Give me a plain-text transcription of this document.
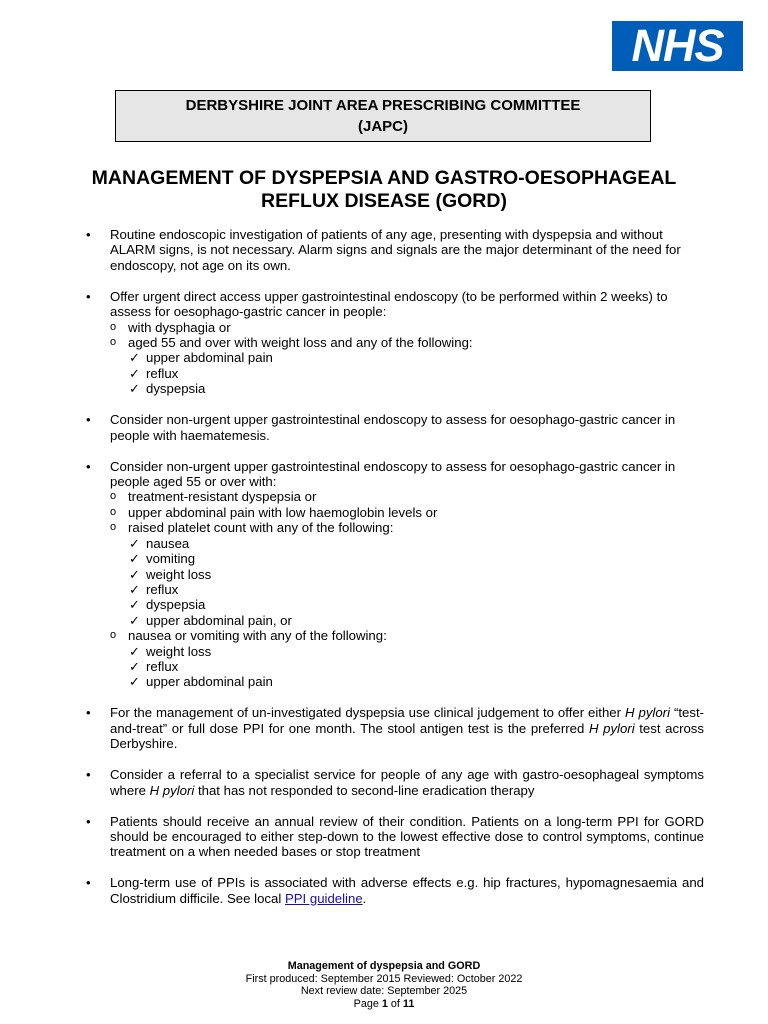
NHS
DERBYSHIRE JOINT AREA PRESCRIBING COMMITTEE
(JAPC)
MANAGEMENT OF DYSPEPSIA AND GASTRO-OESOPHAGEAL
REFLUX DISEASE (GORD)

• Routine endoscopic investigation of patients of any age, presenting with dyspepsia and without ALARM signs, is not necessary. Alarm signs and signals are the major determinant of the need for endoscopy, not age on its own.

• Offer urgent direct access upper gastrointestinal endoscopy (to be performed within 2 weeks) to assess for oesophago-gastric cancer in people:

o with dysphagia or
o aged 55 and over with weight loss and any of the following:
✓ upper abdominal pain
✓ reflux
✓ dyspepsia

• Consider non-urgent upper gastrointestinal endoscopy to assess for oesophago-gastric cancer in people with haematemesis.

• Consider non-urgent upper gastrointestinal endoscopy to assess for oesophago-gastric cancer in people aged 55 or over with:

o treatment-resistant dyspepsia or
o upper abdominal pain with low haemoglobin levels or
o raised platelet count with any of the following:
✓ nausea
✓ vomiting
✓ weight loss
✓ reflux
✓ dyspepsia
✓ upper abdominal pain, or
o nausea or vomiting with any of the following:
✓ weight loss
✓ reflux
✓ upper abdominal pain

• For the management of un-investigated dyspepsia use clinical judgement to offer either H pylori “test-and-treat” or full dose PPI for one month. The stool antigen test is the preferred H pylori test across Derbyshire.

• Consider a referral to a specialist service for people of any age with gastro-oesophageal symptoms where H pylori that has not responded to second-line eradication therapy

• Patients should receive an annual review of their condition. Patients on a long-term PPI for GORD should be encouraged to either step-down to the lowest effective dose to control symptoms, continue treatment on a when needed bases or stop treatment

• Long-term use of PPIs is associated with adverse effects e.g. hip fractures, hypomagnesaemia and Clostridium difficile. See local PPI guideline.

Management of dyspepsia and GORD
First produced: September 2015 Reviewed: October 2022
Next review date: September 2025
Page 1 of 11
